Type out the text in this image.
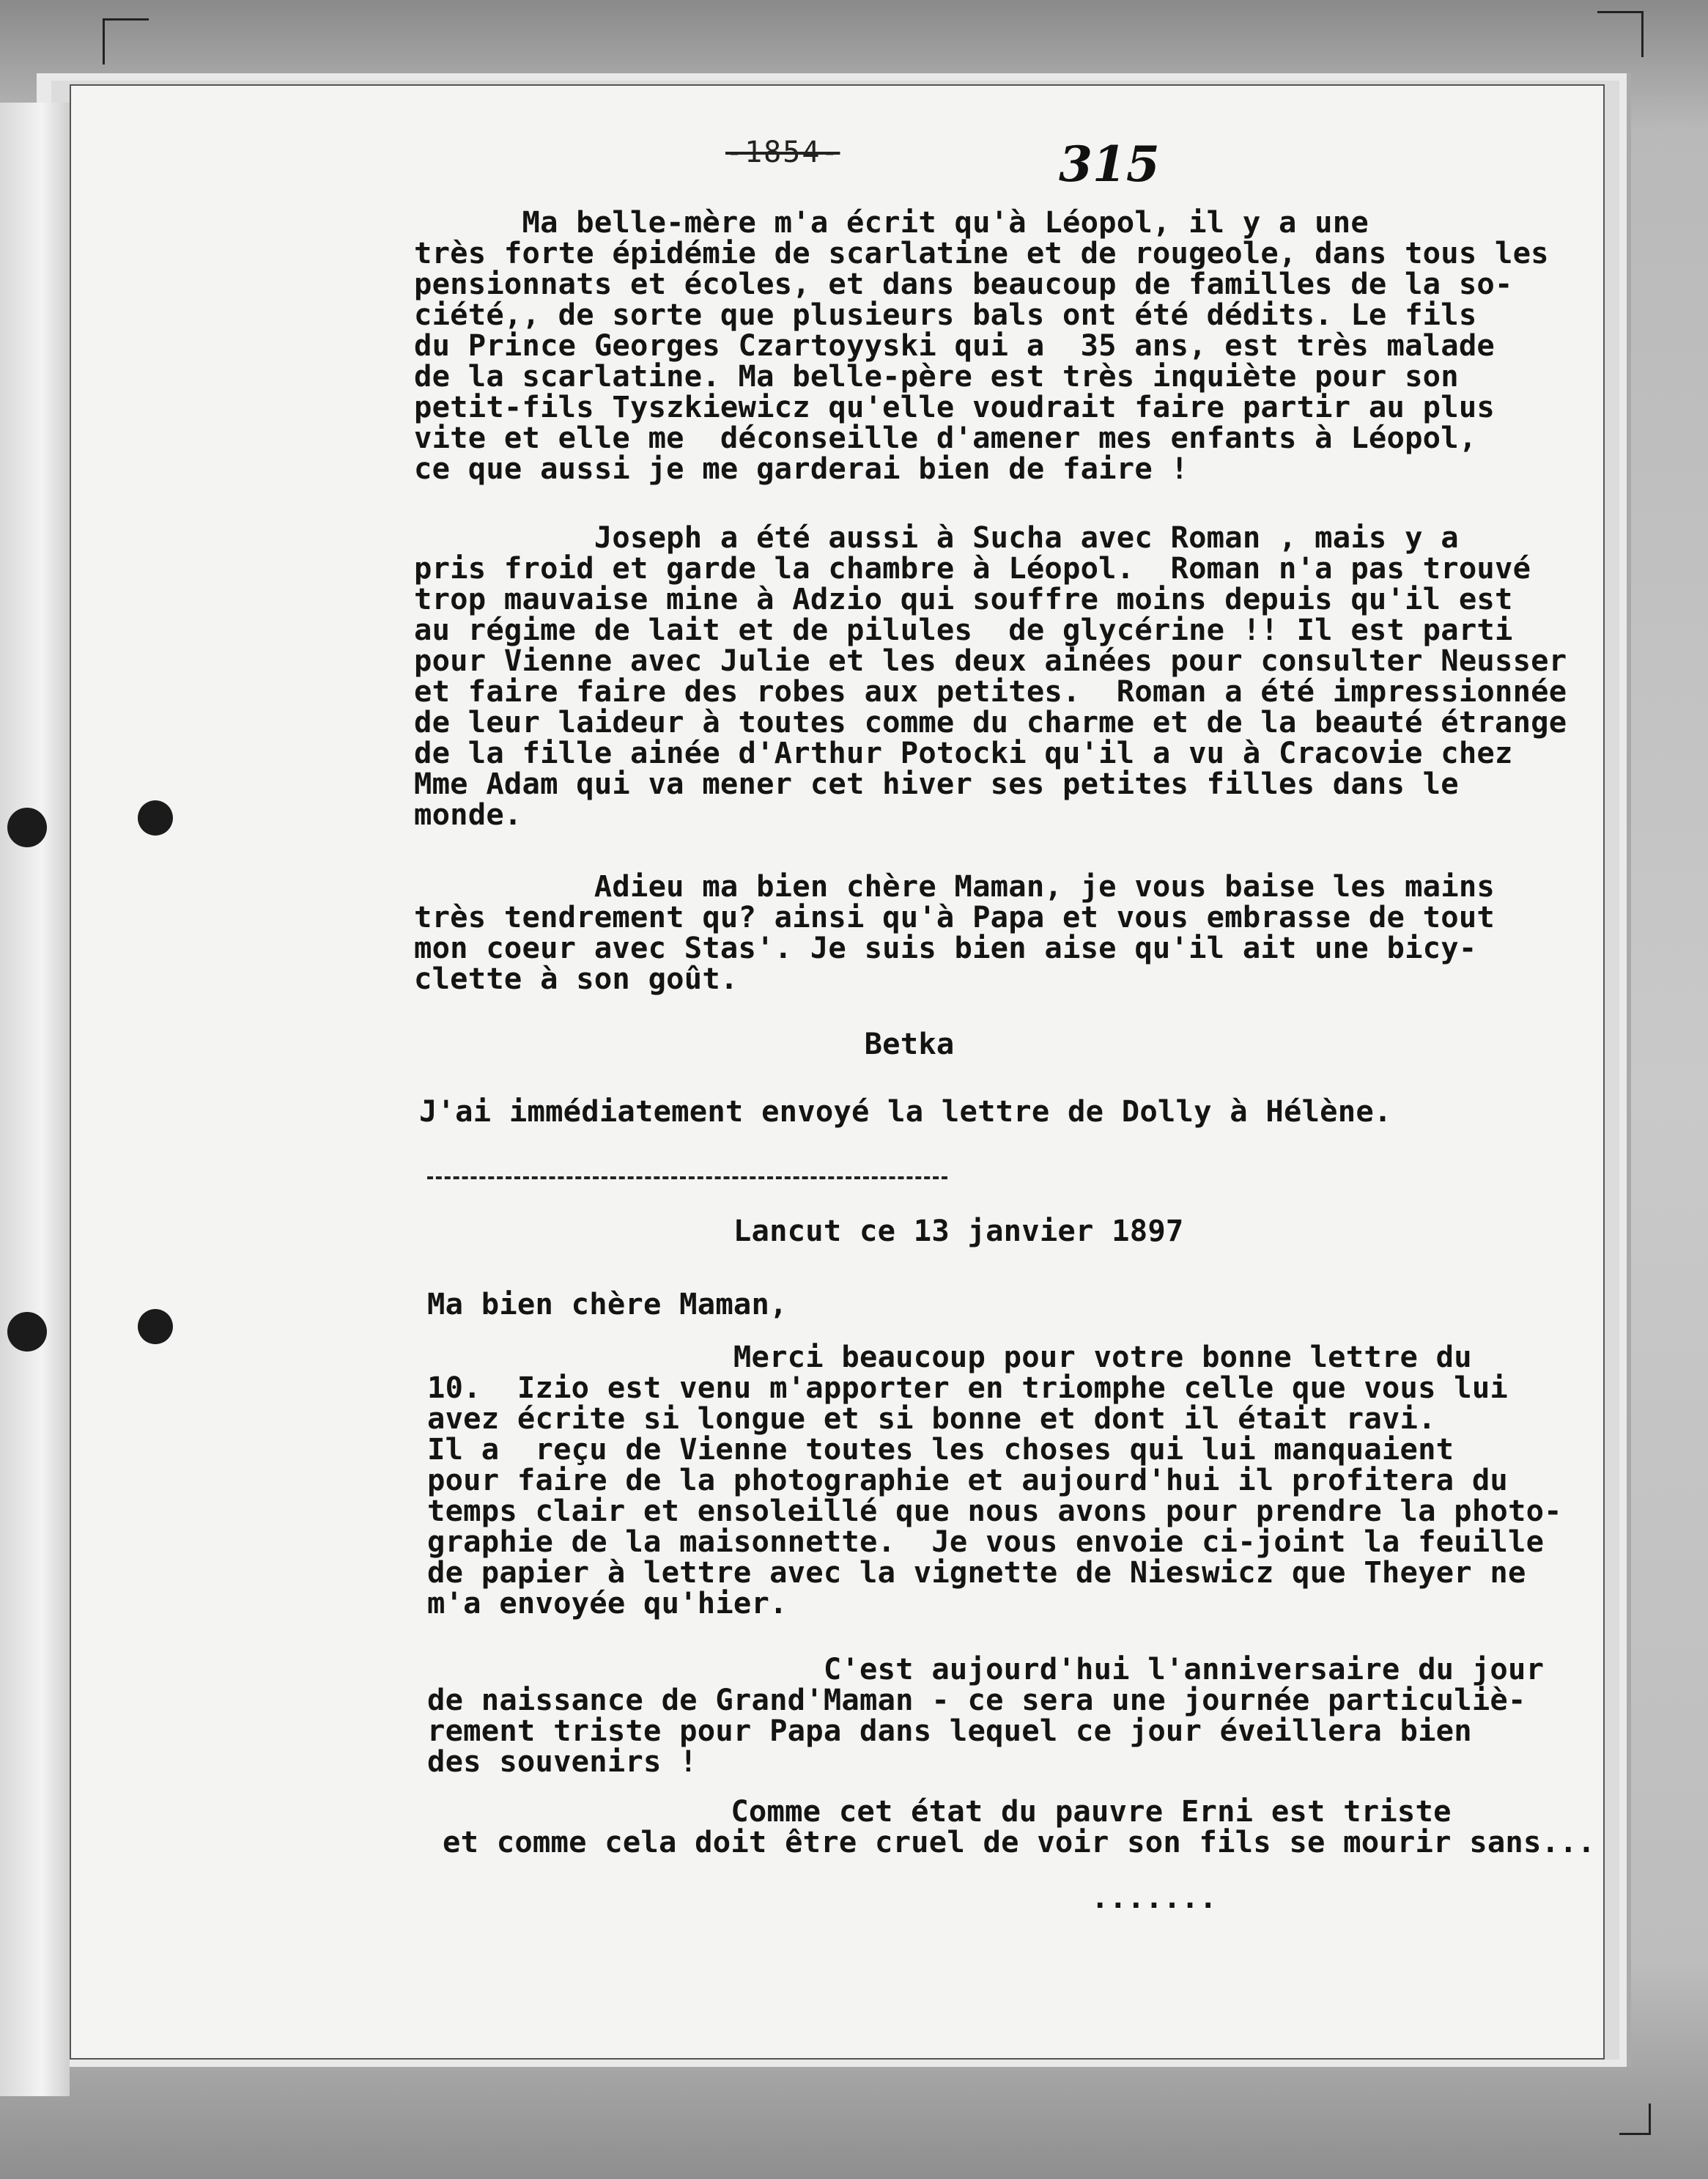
-1854-	315
Ma belle-mère m'a écrit qu'à Léopol, il y a une
très forte épidémie de scarlatine et de rougeole, dans tous les
pensionnats et écoles, et dans beaucoup de familles de la so-
ciété,, de sorte que plusieurs bals ont été dédits. Le fils
du Prince Georges Czartoyyski qui a  35 ans, est très malade
de la scarlatine. Ma belle-père est très inquiète pour son
petit-fils Tyszkiewicz qu'elle voudrait faire partir au plus
vite et elle me  déconseille d'amener mes enfants à Léopol,
ce que aussi je me garderai bien de faire !
Joseph a été aussi à Sucha avec Roman , mais y a
pris froid et garde la chambre à Léopol.  Roman n'a pas trouvé
trop mauvaise mine à Adzio qui souffre moins depuis qu'il est
au régime de lait et de pilules  de glycérine !! Il est parti
pour Vienne avec Julie et les deux ainées pour consulter Neusser
et faire faire des robes aux petites.  Roman a été impressionnée
de leur laideur à toutes comme du charme et de la beauté étrange
de la fille ainée d'Arthur Potocki qu'il a vu à Cracovie chez
Mme Adam qui va mener cet hiver ses petites filles dans le
monde.
Adieu ma bien chère Maman, je vous baise les mains
très tendrement qu? ainsi qu'à Papa et vous embrasse de tout
mon coeur avec Stas'. Je suis bien aise qu'il ait une bicy-
clette à son goût.
Betka
J'ai immédiatement envoyé la lettre de Dolly à Hélène.
Lancut ce 13 janvier 1897
Ma bien chère Maman,
Merci beaucoup pour votre bonne lettre du
10.  Izio est venu m'apporter en triomphe celle que vous lui
avez écrite si longue et si bonne et dont il était ravi.
Il a  reçu de Vienne toutes les choses qui lui manquaient
pour faire de la photographie et aujourd'hui il profitera du
temps clair et ensoleillé que nous avons pour prendre la photo-
graphie de la maisonnette.  Je vous envoie ci-joint la feuille
de papier à lettre avec la vignette de Nieswicz que Theyer ne
m'a envoyée qu'hier.
C'est aujourd'hui l'anniversaire du jour
de naissance de Grand'Maman - ce sera une journée particuliè-
rement triste pour Papa dans lequel ce jour éveillera bien
des souvenirs !
Comme cet état du pauvre Erni est triste
et comme cela doit être cruel de voir son fils se mourir sans...
.......
